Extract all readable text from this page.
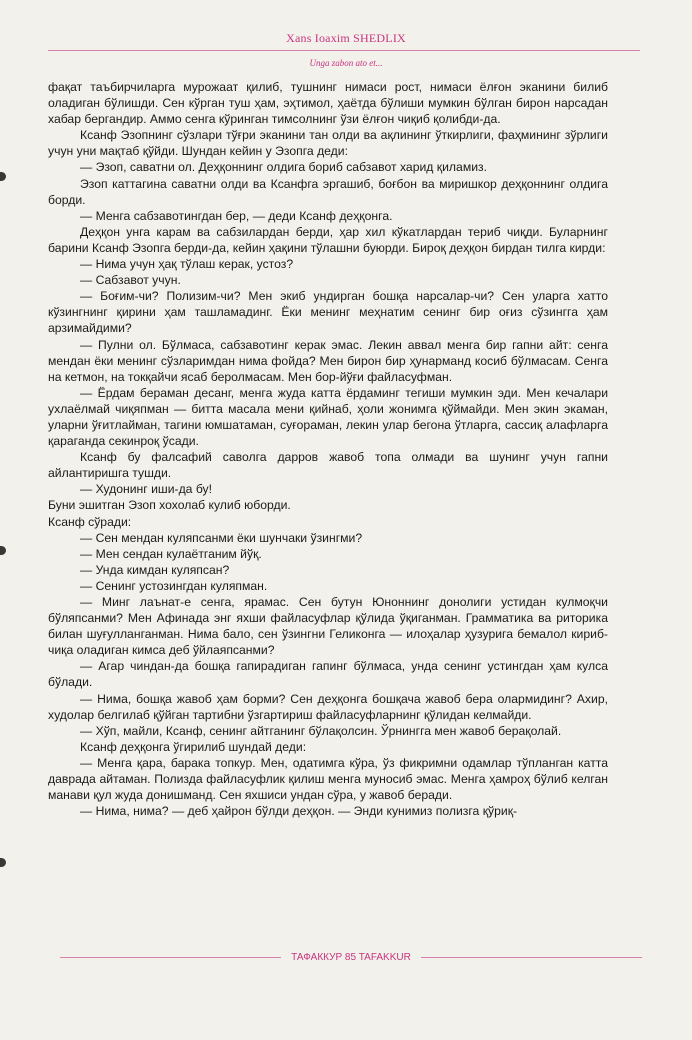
Xans Ioaxim SHEDLIX
Unga zabon ato et...

фақат таъбирчиларга мурожаат қилиб, тушнинг нимаси рост, нимаси ёлғон эканини билиб оладиган бўлишди. Сен кўрган туш ҳам, эҳтимол, ҳаётда бўлиши мумкин бўлган бирон нарсадан хабар бергандир. Аммо сенга кўринган тимсолнинг ўзи ёлғон чиқиб қолибди-да.

Ксанф Эзопнинг сўзлари тўғри эканини тан олди ва ақлининг ўткирлиги, фаҳмининг зўрлиги учун уни мақтаб қўйди. Шундан кейин у Эзопга деди:

— Эзоп, саватни ол. Деҳқоннинг олдига бориб сабзавот харид қиламиз.

Эзоп каттагина саватни олди ва Ксанфга эргашиб, боғбон ва миришкор деҳқоннинг олдига борди.

— Менга сабзавотингдан бер, — деди Ксанф деҳқонга.

Деҳқон унга карам ва сабзилардан берди, ҳар хил кўкатлардан териб чиқди. Буларнинг барини Ксанф Эзопга берди-да, кейин ҳақини тўлашни буюрди. Бироқ деҳқон бирдан тилга кирди:

— Нима учун ҳақ тўлаш керак, устоз?

— Сабзавот учун.

— Боғим-чи? Полизим-чи? Мен экиб ундирган бошқа нарсалар-чи? Сен уларга хатто кўзингнинг қирини ҳам ташламадинг. Ёки менинг меҳнатим сенинг бир оғиз сўзингга ҳам арзимайдими?

— Пулни ол. Бўлмаса, сабзавотинг керак эмас. Лекин аввал менга бир гапни айт: сенга мендан ёки менинг сўзларимдан нима фойда? Мен бирон бир ҳунарманд косиб бўлмасам. Сенга на кетмон, на токқайчи ясаб беролмасам. Мен бор-йўғи файласуфман.

— Ёрдам бераман десанг, менга жуда катта ёрдаминг тегиши мумкин эди. Мен кечалари ухлаёлмай чиқяпман — битта масала мени қийнаб, ҳоли жонимга қўймайди. Мен экин экаман, уларни ўғитлайман, тагини юмшатаман, суғораман, лекин улар бегона ўтларга, сассиқ алафларга қараганда секинроқ ўсади.

Ксанф бу фалсафий саволга дарров жавоб топа олмади ва шунинг учун гапни айлантиришга тушди.

— Худонинг иши-да бу!

Буни эшитган Эзоп хохолаб кулиб юборди.

Ксанф сўради:

— Сен мендан куляпсанми ёки шунчаки ўзингми?

— Мен сендан кулаётганим йўқ.

— Унда кимдан куляпсан?

— Сенинг устозингдан куляпман.

— Минг лаънат-е сенга, ярамас. Сен бутун Юноннинг донолиги устидан кулмоқчи бўляпсанми? Мен Афинада энг яхши файласуфлар қўлида ўқиганман. Грамматика ва риторика билан шуғулланганман. Нима бало, сен ўзингни Геликонга — илоҳалар ҳузурига бемалол кириб-чиқа оладиган кимса деб ўйлаяпсанми?

— Агар чиндан-да бошқа гапирадиган гапинг бўлмаса, унда сенинг устингдан ҳам кулса бўлади.

— Нима, бошқа жавоб ҳам борми? Сен деҳқонга бошқача жавоб бера олармидинг? Ахир, худолар белгилаб қўйган тартибни ўзгартириш файласуфларнинг қўлидан келмайди.

— Хўп, майли, Ксанф, сенинг айтганинг бўлақолсин. Ўрнингга мен жавоб берақолай.

Ксанф деҳқонга ўгирилиб шундай деди:

— Менга қара, барака топкур. Мен, одатимга кўра, ўз фикримни одамлар тўпланган катта даврада айтаман. Полизда файласуфлик қилиш менга муносиб эмас. Менга ҳамроҳ бўлиб келган манави қул жуда донишманд. Сен яхшиси ундан сўра, у жавоб беради.

— Нима, нима? — деб ҳайрон бўлди деҳқон. — Энди кунимиз полизга қўриқ-

ТАФАККУР 85 TAFAKKUR
